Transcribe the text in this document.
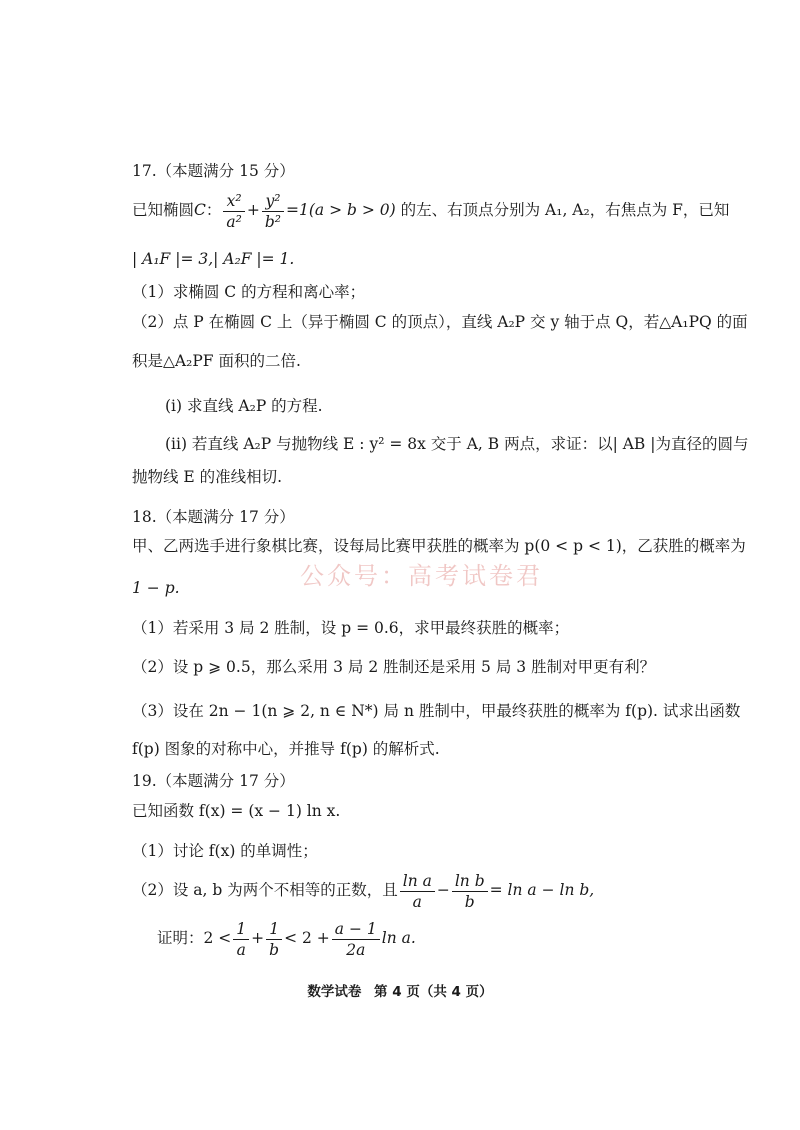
17.（本题满分 15 分）
已知椭圆C： $\frac{\text{x²}}{\text{a²}} + \frac{\text{y²}}{\text{b²}} =1(a > b > 0)$ 的左、右顶点分别为 A₁, A₂，右焦点为 F，已知
| A₁F |= 3,| A₂F |= 1.
（1）求椭圆 C 的方程和离心率；
（2）点 P 在椭圆 C 上（异于椭圆 C 的顶点），直线 A₂P 交 y 轴于点 Q，若△A₁PQ 的面
积是△A₂PF 面积的二倍.
(i) 求直线 A₂P 的方程.
(ii) 若直线 A₂P 与抛物线 E : y² = 8x 交于 A, B 两点，求证：以| AB |为直径的圆与
抛物线 E 的准线相切.
18.（本题满分 17 分）
甲、乙两选手进行象棋比赛，设每局比赛甲获胜的概率为 p(0 < p < 1)，乙获胜的概率为
1 − p.
（1）若采用 3 局 2 胜制，设 p = 0.6，求甲最终获胜的概率；
（2）设 p ⩾ 0.5，那么采用 3 局 2 胜制还是采用 5 局 3 胜制对甲更有利？
（3）设在 2n − 1(n ⩾ 2, n ∈ N*) 局 n 胜制中，甲最终获胜的概率为 f(p). 试求出函数
f(p) 图象的对称中心，并推导 f(p) 的解析式.
19.（本题满分 17 分）
已知函数 f(x) = (x − 1) ln x.
（1）讨论 f(x) 的单调性；
（2）设 a, b 为两个不相等的正数，且 $\frac{\text{ln a}}{a} - \frac{\text{ln b}}{b} = \ln a - \ln b$,
证明：$2 < \frac{1}{a} + \frac{1}{b} < 2 + \frac{a - 1}{2a}$ ln a.
公众号：高考试卷君
数学试卷 第 4 页（共 4 页）
